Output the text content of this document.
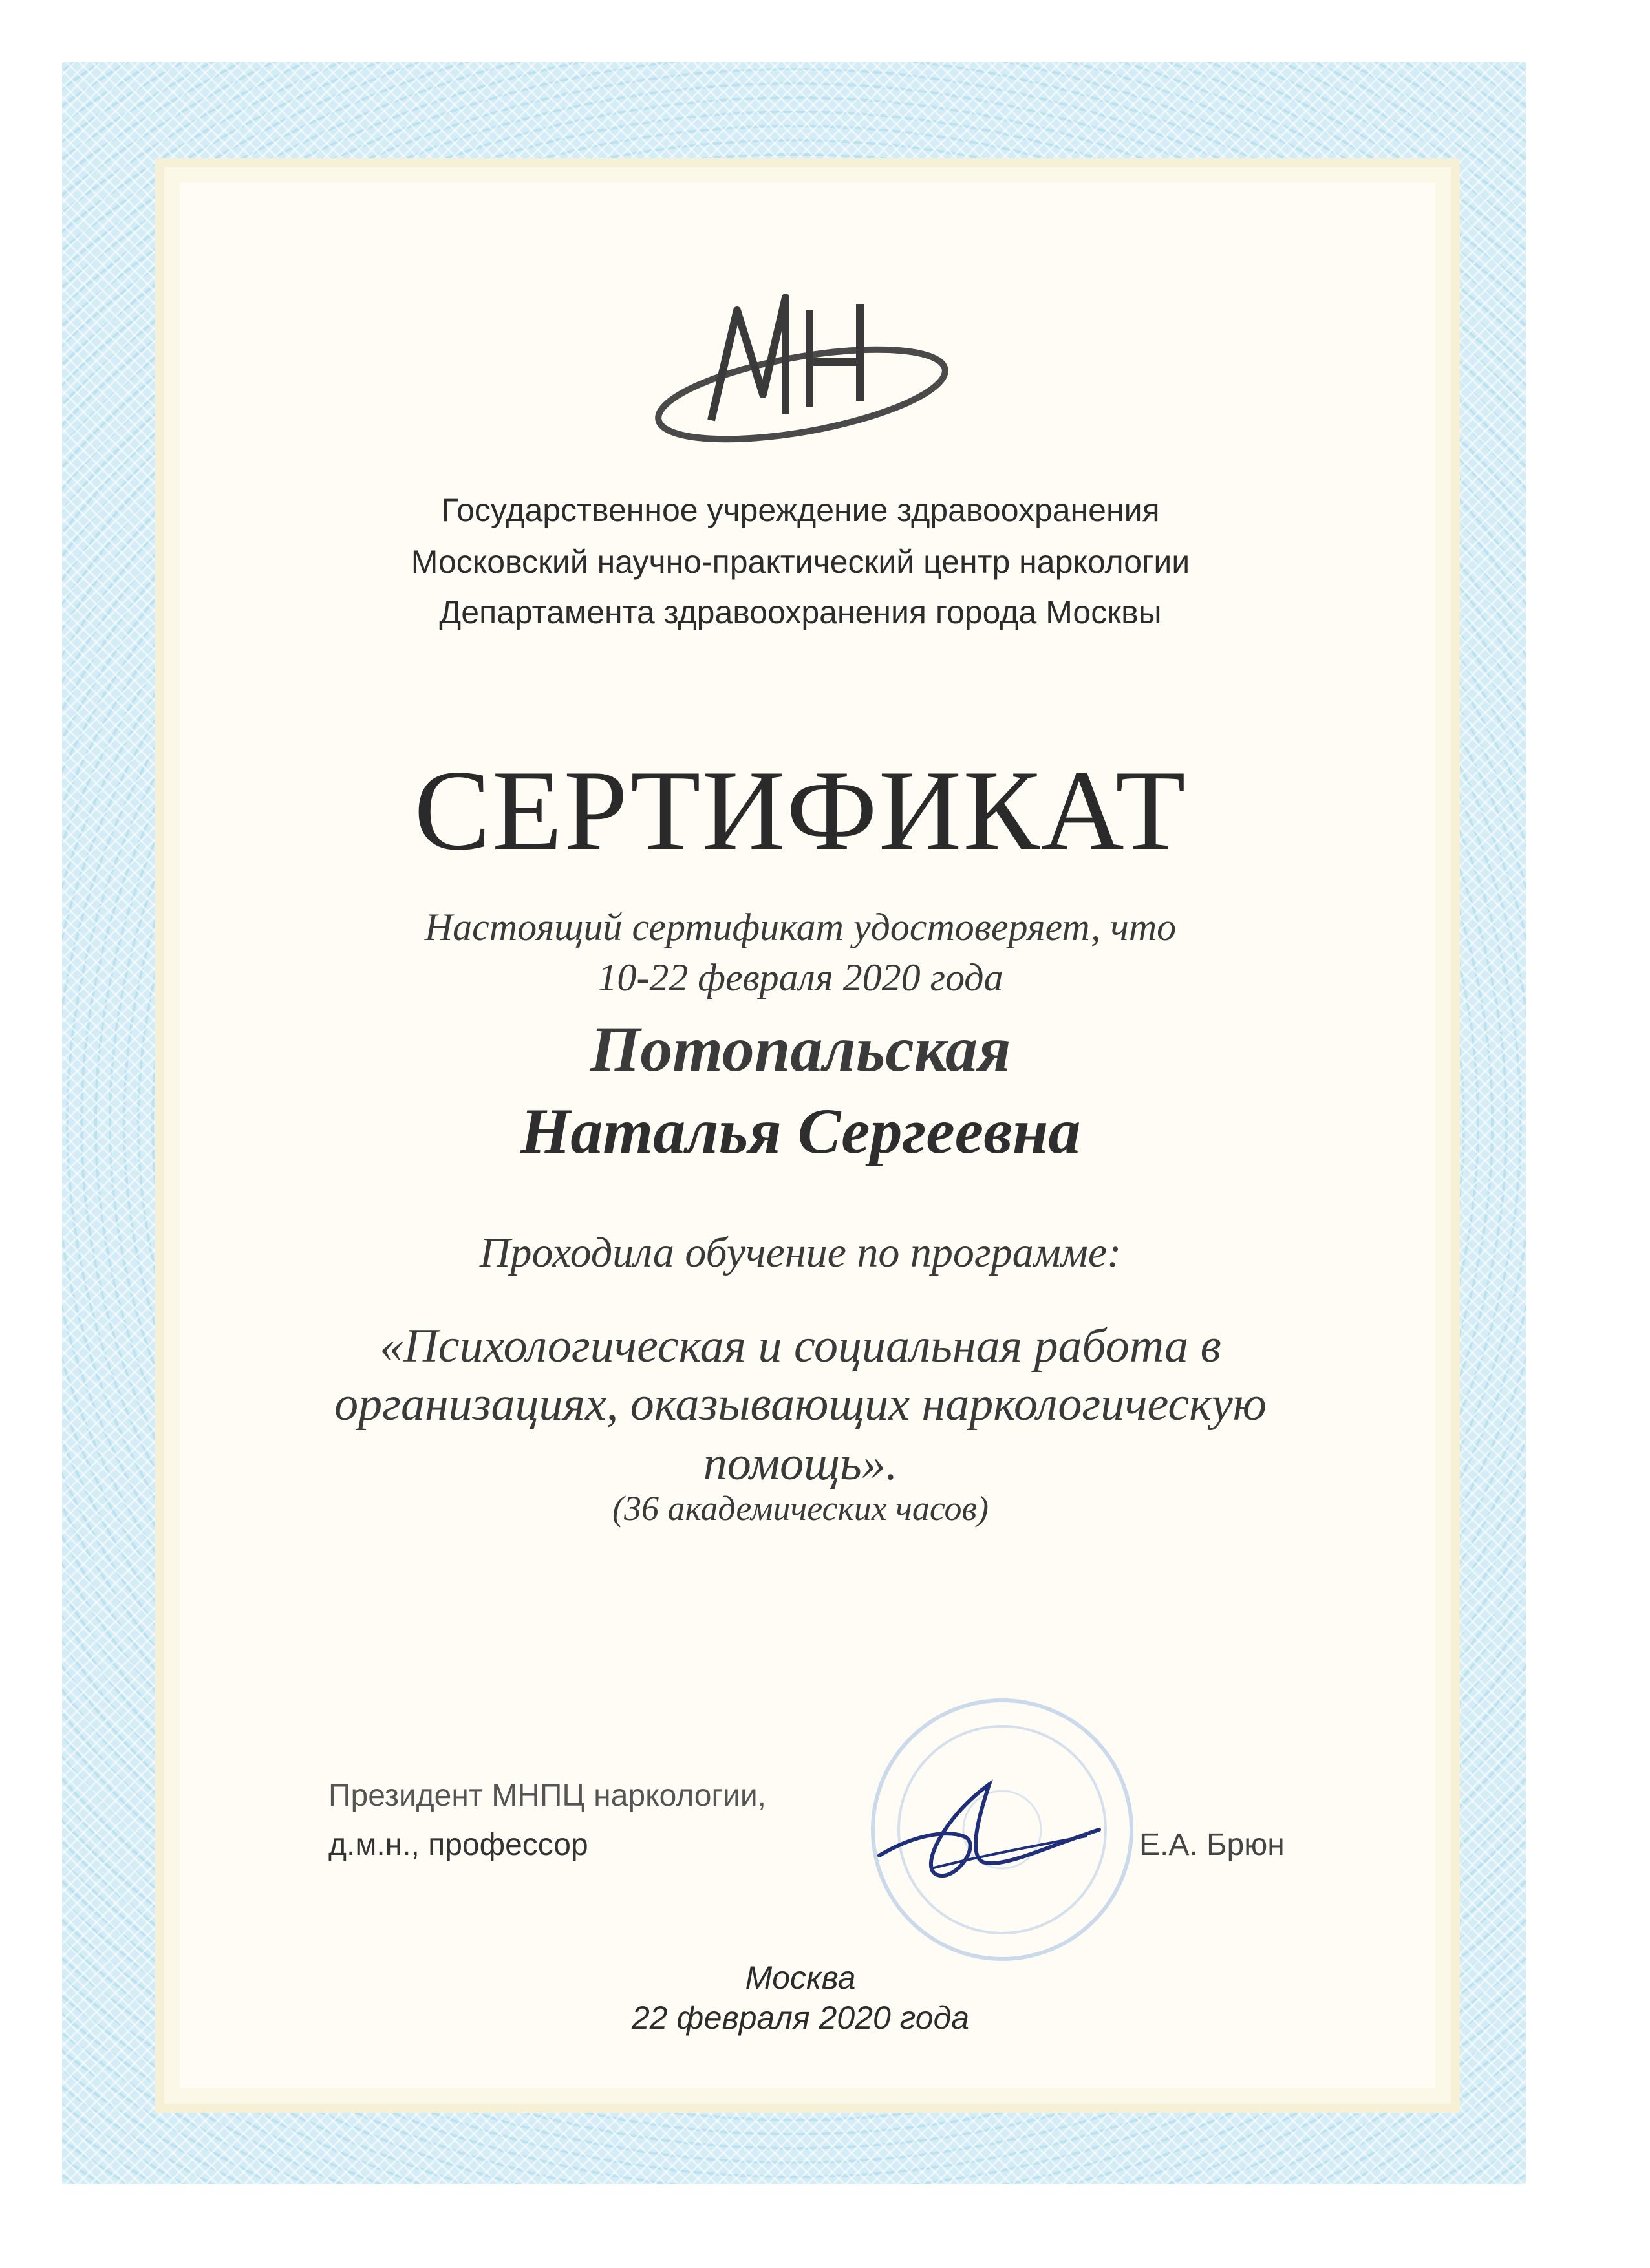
Государственное учреждение здравоохранения
Московский научно-практический центр наркологии
Департамента здравоохранения города Москвы
СЕРТИФИКАТ
Настоящий сертификат удостоверяет, что
10-22 февраля 2020 года
Потопальская
Наталья Сергеевна
Проходила обучение по программе:
«Психологическая и социальная работа в
организациях, оказывающих наркологическую
помощь».
(36 академических часов)
Президент МНПЦ наркологии,
д.м.н., профессор	Е.А. Брюн
Москва
22 февраля 2020 года
